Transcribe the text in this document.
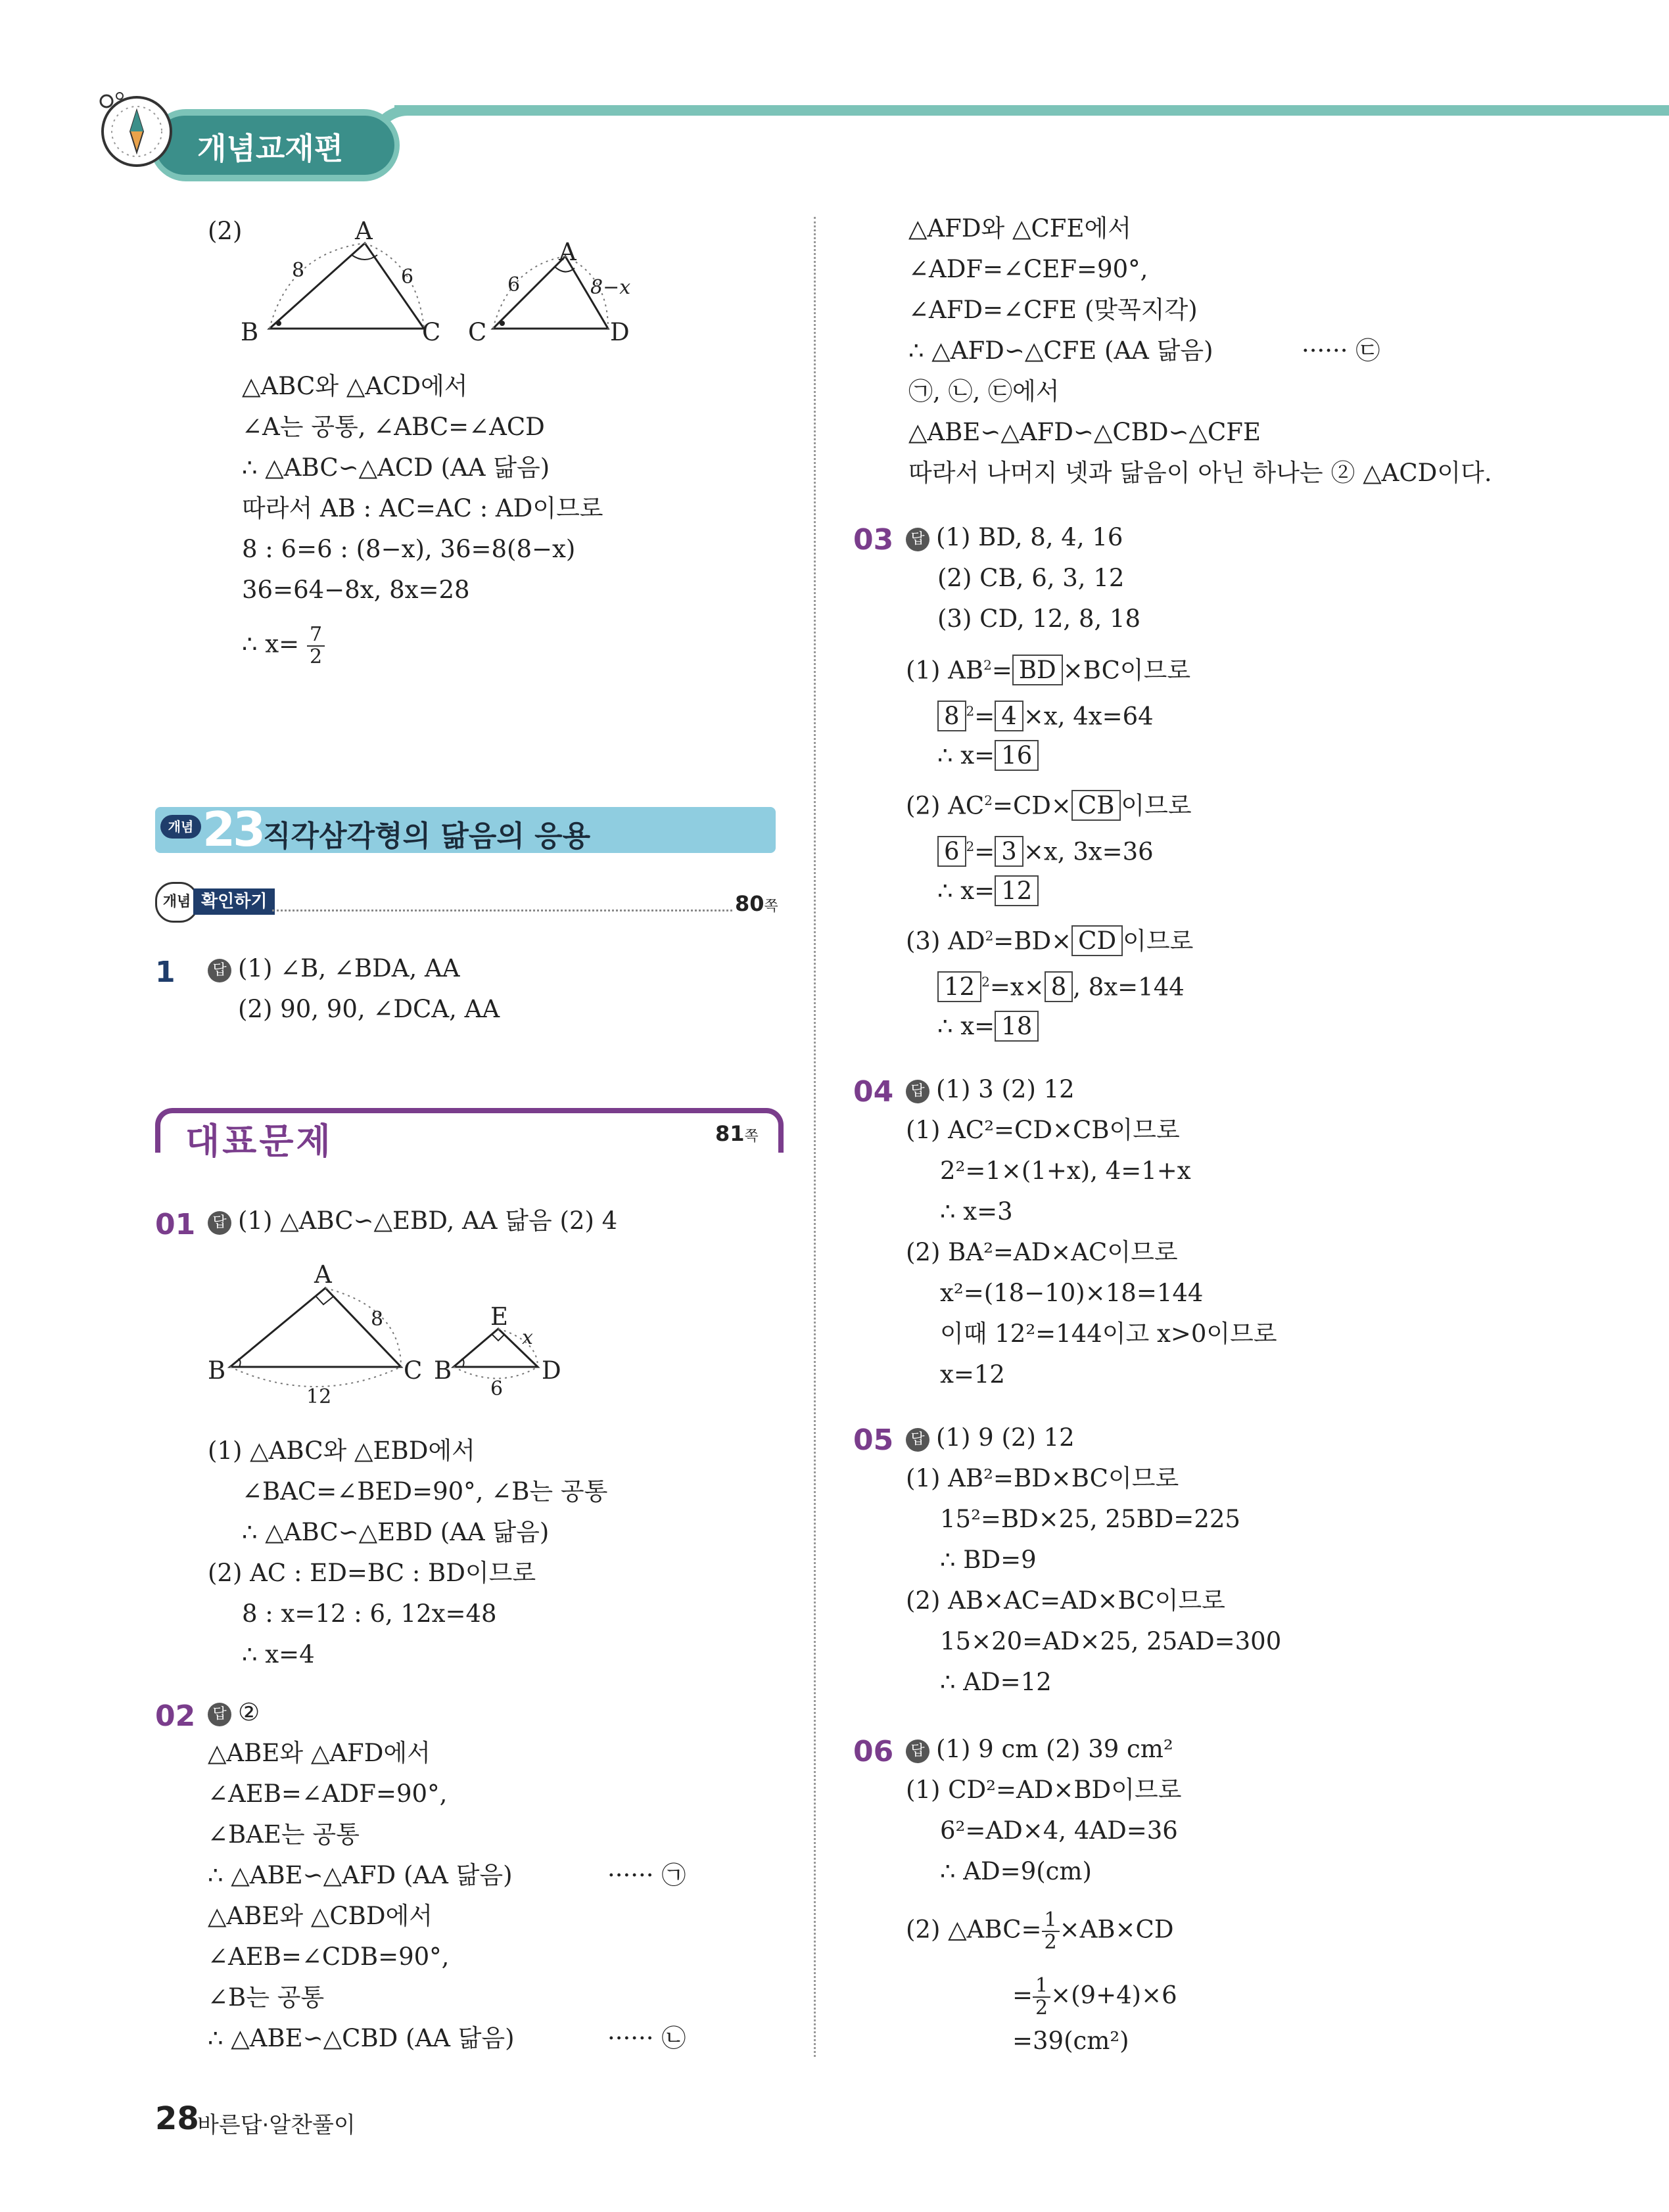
개념교재편
(2)	A
B	C
8	6
A
C	D
6	8−x
△ABC와 △ACD에서
∠A는 공통, ∠ABC=∠ACD
∴ △ABC∽△ACD (AA 닮음)
따라서 AB : AC=AC : AD이므로
8 : 6=6 : (8−x), 36=8(8−x)
36=64−8x, 8x=28
∴ $x= \frac{7}{2}$
개념 23 직각삼각형의 닮음의 응용
개념 확인하기	80쪽
1	답 (1) ∠B, ∠BDA, AA
(2) 90, 90, ∠DCA, AA
대표문제	81쪽
01	답 (1) △ABC∽△EBD, AA 닮음 (2) 4
A
B	C
8
12
B
E
D
6
x
(1) △ABC와 △EBD에서
∠BAC=∠BED=90°, ∠B는 공통
∴ △ABC∽△EBD (AA 닮음)
(2) AC : ED=BC : BD이므로
8 : x=12 : 6, 12x=48
∴ x=4
02	답 ②
△ABE와 △AFD에서
∠AEB=∠ADF=90°,
∠BAE는 공통
∴ △ABE∽△AFD (AA 닮음)	······ ㉠
△ABE와 △CBD에서
∠AEB=∠CDB=90°,
∠B는 공통
∴ △ABE∽△CBD (AA 닮음)	······ ㉡
28
바른답·알찬풀이
△AFD와 △CFE에서
∠ADF=∠CEF=90°,
∠AFD=∠CFE (맞꼭지각)
∴ △AFD∽△CFE (AA 닮음)	······ ㉢
㉠, ㉡, ㉢에서
△ABE∽△AFD∽△CBD∽△CFE
따라서 나머지 넷과 닮음이 아닌 하나는 ② △ACD이다.
03	답 (1) BD, 8, 4, 16
(2) CB, 6, 3, 12
(3) CD, 12, 8, 18
(1) $AB^2=$ BD ×BC이므로
8 $^2$= 4 ×x, 4x=64
∴ x= 16
(2) $AC^2=CD\times$ CB 이므로
6 $^2$= 3 ×x, 3x=36
∴ x= 12
(3) $AD^2=BD\times$ CD 이므로
12 $^2$=x× 8 , 8x=144
∴ x= 18
04	답 (1) 3 (2) 12
(1) AC²=CD×CB이므로
2²=1×(1+x), 4=1+x
∴ x=3
(2) BA²=AD×AC이므로
x²=(18−10)×18=144
이때 12²=144이고 x>0이므로
x=12
05	답 (1) 9 (2) 12
(1) AB²=BD×BC이므로
15²=BD×25, 25BD=225
∴ BD=9
(2) AB×AC=AD×BC이므로
15×20=AD×25, 25AD=300
∴ AD=12
06	답 (1) 9 cm (2) 39 cm²
(1) CD²=AD×BD이므로
6²=AD×4, 4AD=36
∴ AD=9(cm)
(2) △ABC= $\frac{1}{2} \times AB\times CD$
= $\frac{1}{2} \times(9+4)\times 6$
=39(cm²)
